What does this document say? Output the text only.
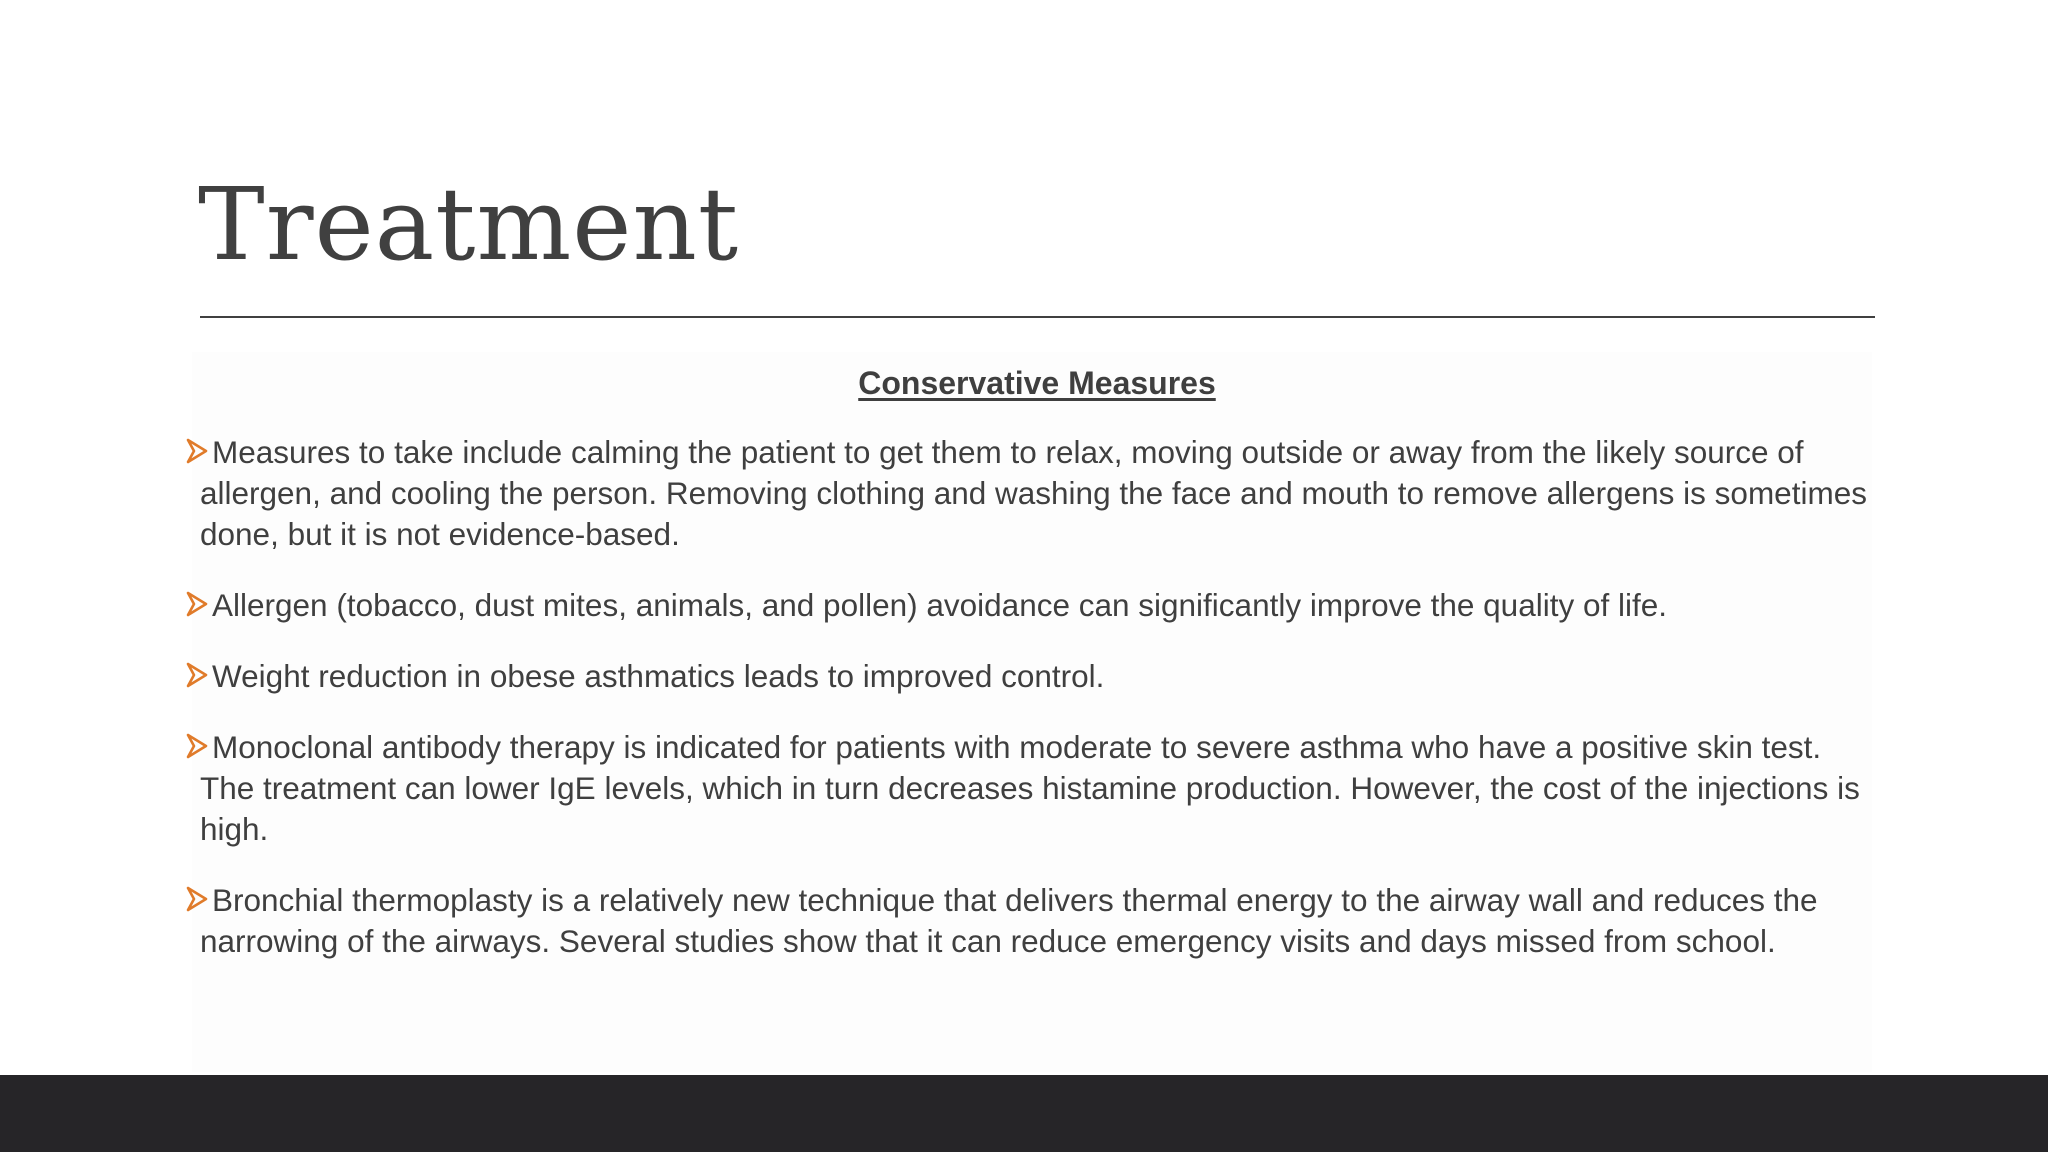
Treatment
Conservative Measures
Measures to take include calming the patient to get them to relax, moving outside or away from the likely source of allergen, and cooling the person. Removing clothing and washing the face and mouth to remove allergens is sometimes done, but it is not evidence-based.
Allergen (tobacco, dust mites, animals, and pollen) avoidance can significantly improve the quality of life.
Weight reduction in obese asthmatics leads to improved control.
Monoclonal antibody therapy is indicated for patients with moderate to severe asthma who have a positive skin test. The treatment can lower IgE levels, which in turn decreases histamine production. However, the cost of the injections is high.
Bronchial thermoplasty is a relatively new technique that delivers thermal energy to the airway wall and reduces the narrowing of the airways. Several studies show that it can reduce emergency visits and days missed from school.
